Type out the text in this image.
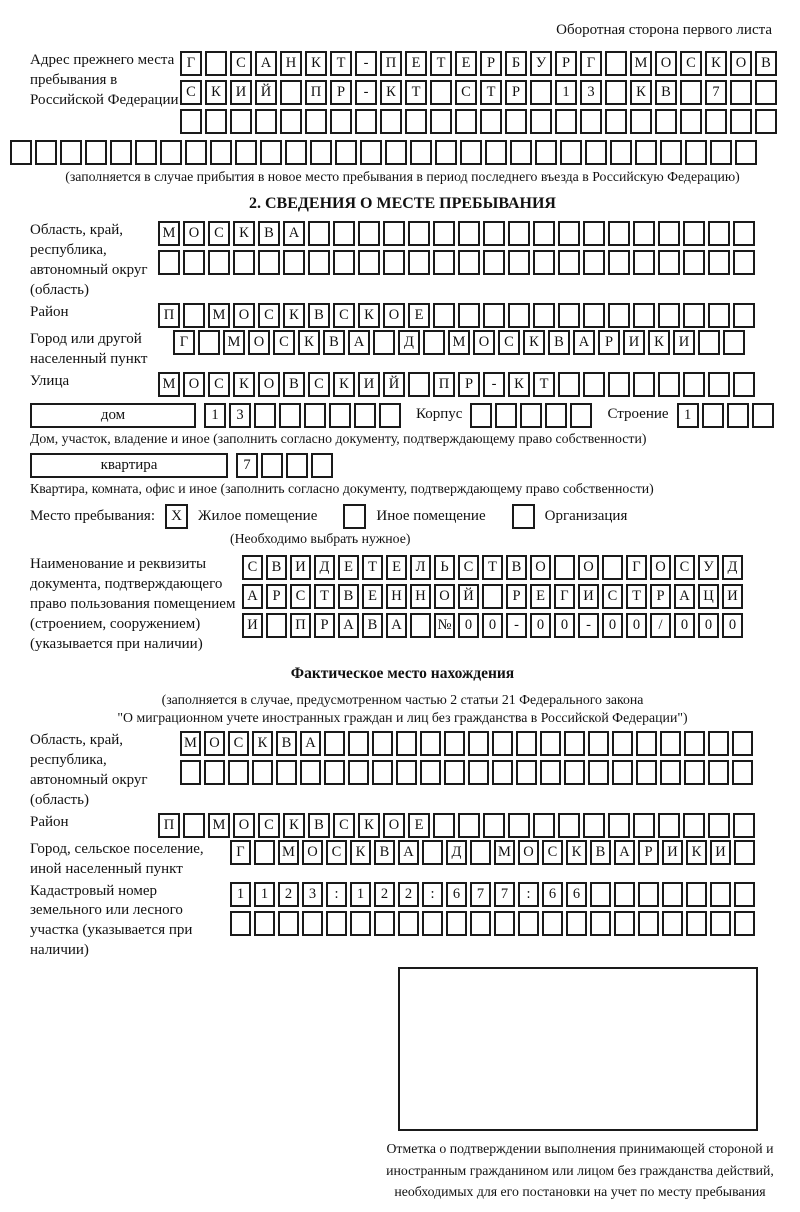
Оборотная сторона первого листа
Адрес прежнего места пребывания в Российской Федерации
Г	С	А	Н	К	Т	-	П	Е	Т	Е	Р	Б	У	Р	Г	М О	С	К	О	В
С	К	И	Й	П	Р	-	К	Т	С	Т	Р	1	3	К	В	7
(заполняется в случае прибытия в новое место пребывания в период последнего въезда в Российскую Федерацию)
2. СВЕДЕНИЯ О МЕСТЕ ПРЕБЫВАНИЯ
Область, край, республика, автономный округ (область)
М О	С	К	В	А
Район	П	М О	С	К	В	С	К	О	Е
Город или другой населенный пункт
Г	М О	С	К	В	А	Д	М О	С	К	В	А	Р	И	К	И
Улица	М О	С	К	О	В	С	К	И	Й	П	Р	-	К	Т
дом	1	3	Корпус	Строение	1
Дом, участок, владение и иное (заполнить согласно документу, подтверждающему право собственности)
квартира	7
Квартира, комната, офис и иное (заполнить согласно документу, подтверждающему право собственности)
Место пребывания:	X	Жилое помещение	Иное помещение	Организация
(Необходимо выбрать нужное)
Наименование и реквизиты документа, подтверждающего право пользования помещением (строением, сооружением) (указывается при наличии)
С В И Д	Е	Т	Е	Л	Ь	С	Т	В О	О	Г	О С У Д
А	Р	С	Т	В	Е Н Н О Й	Р	Е	Г	И С	Т	Р	А Ц И
И	П	Р	А В А	№ 0	0	-	0	0	-	0	0	/	0	0	0
Фактическое место нахождения
(заполняется в случае, предусмотренном частью 2 статьи 21 Федерального закона
"О миграционном учете иностранных граждан и лиц без гражданства в Российской Федерации")
Область, край, республика, автономный округ (область)
М О С К В А
Район	П	М О	С	К	В	С	К	О	Е
Город, сельское поселение, иной населенный пункт
Г	М О С К В А	Д	М О С К В А	Р	И К И
Кадастровый номер земельного или лесного участка (указывается при наличии)
1	1	2	3	:	1	2	2	:	6	7	7	:	6	6
Отметка о подтверждении выполнения принимающей стороной и иностранным гражданином или лицом без гражданства действий, необходимых для его постановки на учет по месту пребывания
